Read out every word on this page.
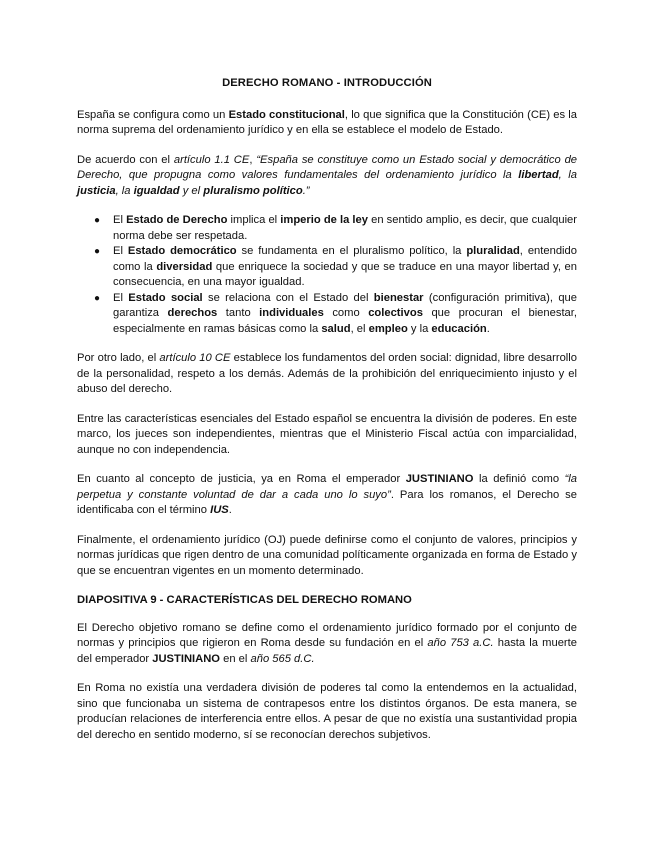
DERECHO ROMANO - INTRODUCCIÓN

España se configura como un Estado constitucional, lo que significa que la Constitución (CE) es la norma suprema del ordenamiento jurídico y en ella se establece el modelo de Estado.

De acuerdo con el artículo 1.1 CE, “España se constituye como un Estado social y democrático de Derecho, que propugna como valores fundamentales del ordenamiento jurídico la libertad, la justicia, la igualdad y el pluralismo político.”

● El Estado de Derecho implica el imperio de la ley en sentido amplio, es decir, que cualquier norma debe ser respetada.
● El Estado democrático se fundamenta en el pluralismo político, la pluralidad, entendido como la diversidad que enriquece la sociedad y que se traduce en una mayor libertad y, en consecuencia, en una mayor igualdad.
● El Estado social se relaciona con el Estado del bienestar (configuración primitiva), que garantiza derechos tanto individuales como colectivos que procuran el bienestar, especialmente en ramas básicas como la salud, el empleo y la educación.

Por otro lado, el artículo 10 CE establece los fundamentos del orden social: dignidad, libre desarrollo de la personalidad, respeto a los demás. Además de la prohibición del enriquecimiento injusto y el abuso del derecho.

Entre las características esenciales del Estado español se encuentra la división de poderes. En este marco, los jueces son independientes, mientras que el Ministerio Fiscal actúa con imparcialidad, aunque no con independencia.

En cuanto al concepto de justicia, ya en Roma el emperador JUSTINIANO la definió como “la perpetua y constante voluntad de dar a cada uno lo suyo”. Para los romanos, el Derecho se identificaba con el término IUS.

Finalmente, el ordenamiento jurídico (OJ) puede definirse como el conjunto de valores, principios y normas jurídicas que rigen dentro de una comunidad políticamente organizada en forma de Estado y que se encuentran vigentes en un momento determinado.

DIAPOSITIVA 9 - CARACTERÍSTICAS DEL DERECHO ROMANO

El Derecho objetivo romano se define como el ordenamiento jurídico formado por el conjunto de normas y principios que rigieron en Roma desde su fundación en el año 753 a.C. hasta la muerte del emperador JUSTINIANO en el año 565 d.C.

En Roma no existía una verdadera división de poderes tal como la entendemos en la actualidad, sino que funcionaba un sistema de contrapesos entre los distintos órganos. De esta manera, se producían relaciones de interferencia entre ellos. A pesar de que no existía una sustantividad propia del derecho en sentido moderno, sí se reconocían derechos subjetivos.
